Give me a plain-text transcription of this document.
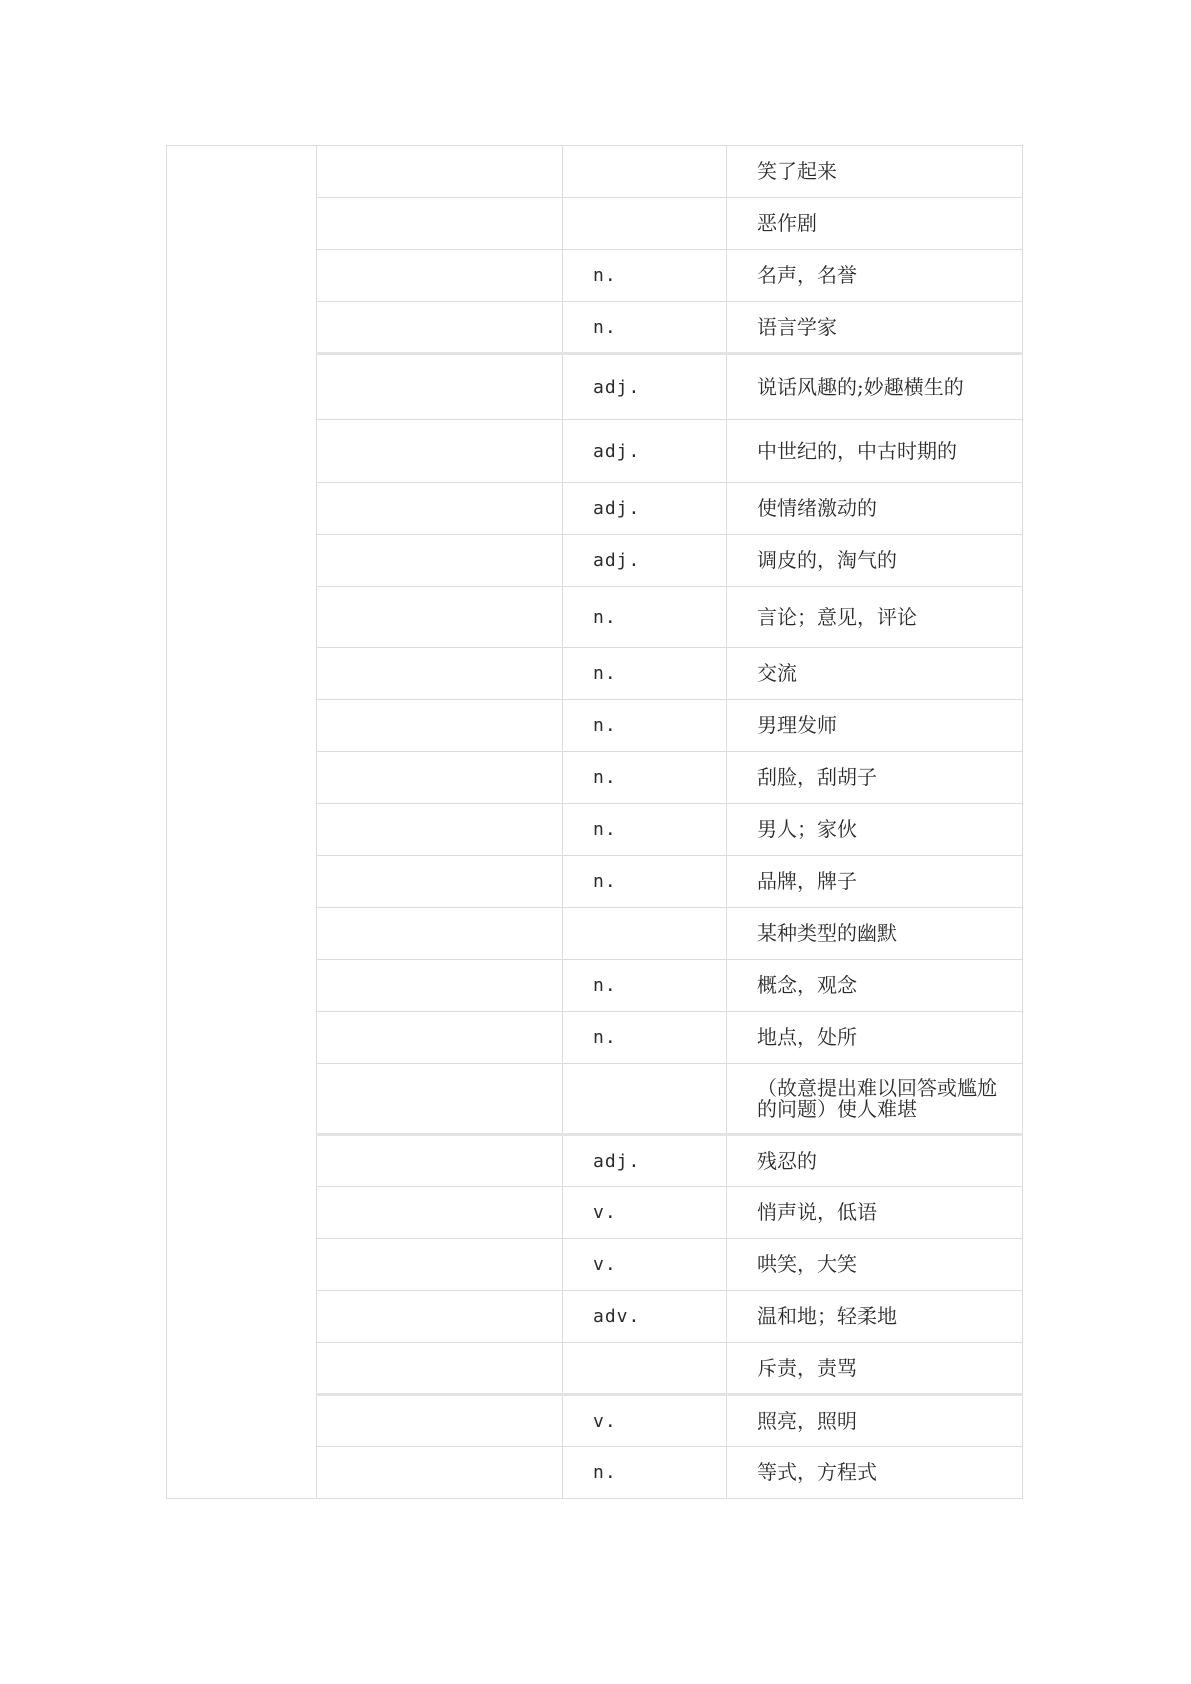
			笑了起来
			恶作剧
		n.	名声，名誉
		n.	语言学家
		adj.	说话风趣的;妙趣横生的
		adj.	中世纪的，中古时期的
		adj.	使情绪激动的
		adj.	调皮的，淘气的
		n.	言论；意见，评论
		n.	交流
		n.	男理发师
		n.	刮脸，刮胡子
		n.	男人；家伙
		n.	品牌，牌子
			某种类型的幽默
		n.	概念，观念
		n.	地点，处所
			（故意提出难以回答或尴尬的问题）使人难堪
		adj.	残忍的
		v.	悄声说，低语
		v.	哄笑，大笑
		adv.	温和地；轻柔地
			斥责，责骂
		v.	照亮，照明
		n.	等式，方程式
